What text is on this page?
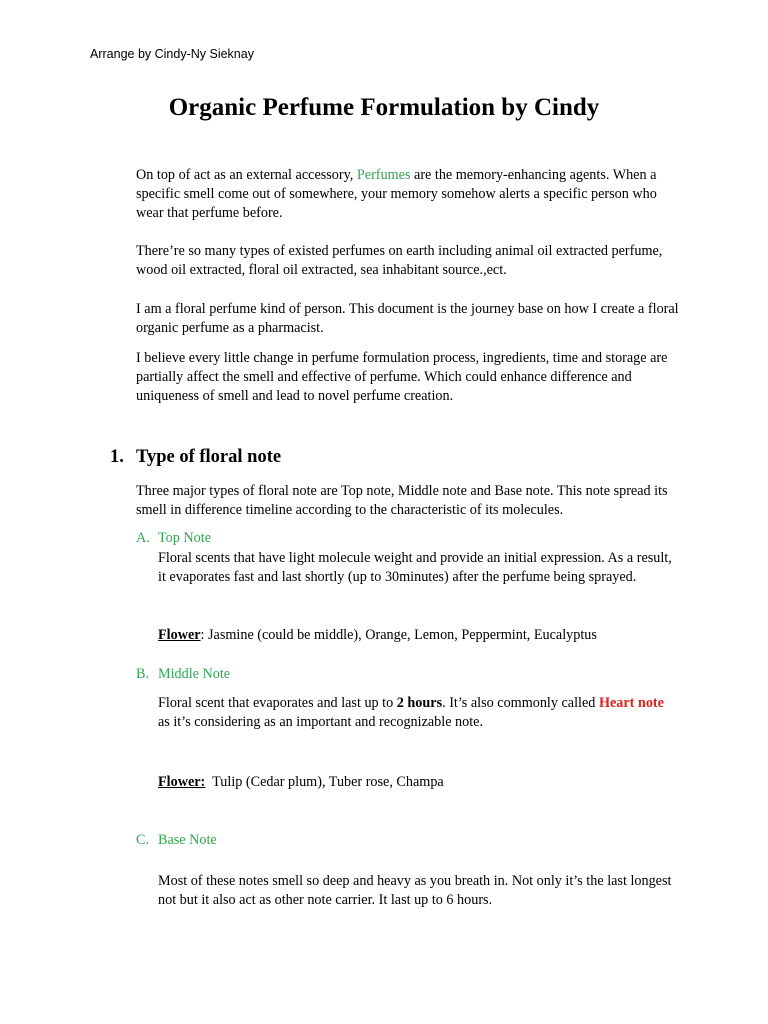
Arrange by Cindy-Ny Sieknay
Organic Perfume Formulation by Cindy

On top of act as an external accessory, Perfumes are the memory-enhancing agents. When a specific smell come out of somewhere, your memory somehow alerts a specific person who wear that perfume before.

There’re so many types of existed perfumes on earth including animal oil extracted perfume, wood oil extracted, floral oil extracted, sea inhabitant source.,ect.

I am a floral perfume kind of person. This document is the journey base on how I create a floral organic perfume as a pharmacist.

I believe every little change in perfume formulation process, ingredients, time and storage are partially affect the smell and effective of perfume. Which could enhance difference and uniqueness of smell and lead to novel perfume creation.

1. Type of floral note

Three major types of floral note are Top note, Middle note and Base note. This note spread its smell in difference timeline according to the characteristic of its molecules.

A. Top Note

Floral scents that have light molecule weight and provide an initial expression. As a result, it evaporates fast and last shortly (up to 30minutes) after the perfume being sprayed.

Flower: Jasmine (could be middle), Orange, Lemon, Peppermint, Eucalyptus

B. Middle Note

Floral scent that evaporates and last up to 2 hours. It’s also commonly called Heart note as it’s considering as an important and recognizable note.

Flower:  Tulip (Cedar plum), Tuber rose, Champa

C. Base Note

Most of these notes smell so deep and heavy as you breath in. Not only it’s the last longest not but it also act as other note carrier. It last up to 6 hours.
